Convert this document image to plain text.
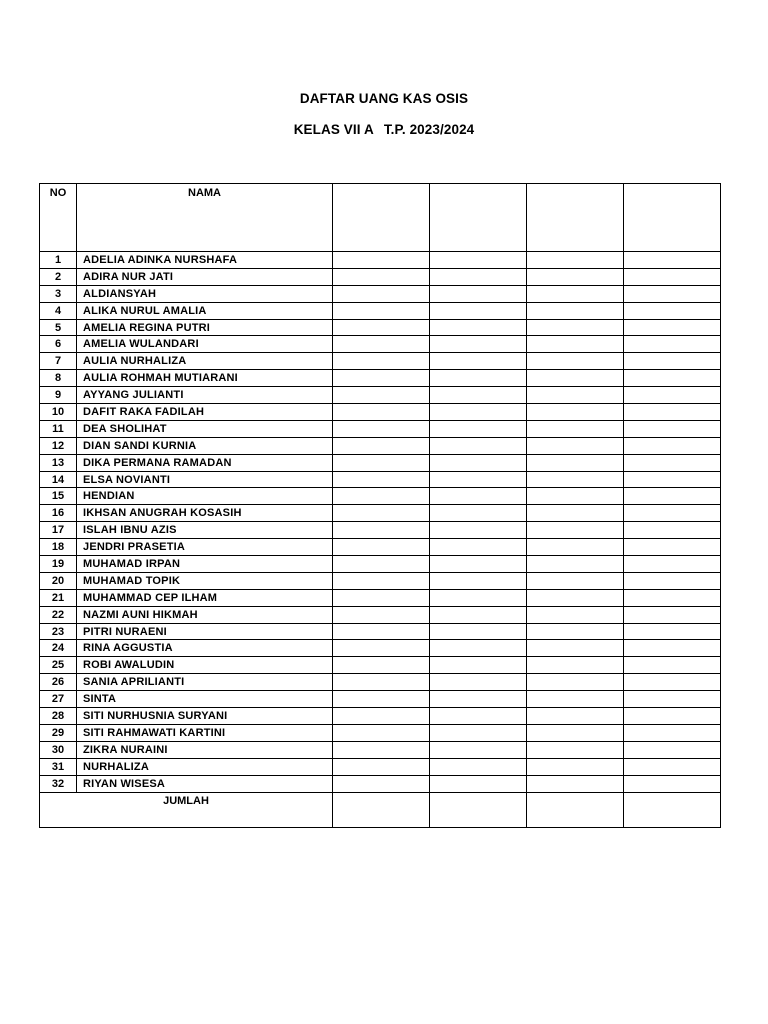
DAFTAR UANG KAS OSIS
KELAS VII A T.P. 2023/2024
NO	NAMA				
1	ADELIA ADINKA NURSHAFA				
2	ADIRA NUR JATI				
3	ALDIANSYAH				
4	ALIKA NURUL AMALIA				
5	AMELIA REGINA PUTRI				
6	AMELIA WULANDARI				
7	AULIA NURHALIZA				
8	AULIA ROHMAH MUTIARANI				
9	AYYANG JULIANTI				
10	DAFIT RAKA FADILAH				
11	DEA SHOLIHAT				
12	DIAN SANDI KURNIA				
13	DIKA PERMANA RAMADAN				
14	ELSA NOVIANTI				
15	HENDIAN				
16	IKHSAN ANUGRAH KOSASIH				
17	ISLAH IBNU AZIS				
18	JENDRI PRASETIA				
19	MUHAMAD IRPAN				
20	MUHAMAD TOPIK				
21	MUHAMMAD CEP ILHAM				
22	NAZMI AUNI HIKMAH				
23	PITRI NURAENI				
24	RINA AGGUSTIA				
25	ROBI AWALUDIN				
26	SANIA APRILIANTI				
27	SINTA				
28	SITI NURHUSNIA SURYANI				
29	SITI RAHMAWATI KARTINI				
30	ZIKRA NURAINI				
31	NURHALIZA				
32	RIYAN WISESA				
JUMLAH					
